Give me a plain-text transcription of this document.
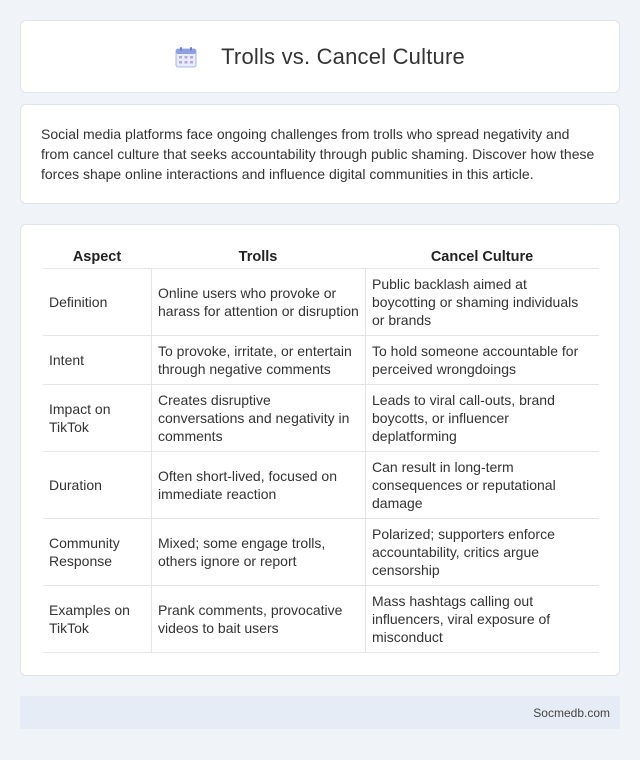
Trolls vs. Cancel Culture

Social media platforms face ongoing challenges from trolls who spread negativity and from cancel culture that seeks accountability through public shaming. Discover how these forces shape online interactions and influence digital communities in this article.

Aspect	Trolls	Cancel Culture
Definition	Online users who provoke or harass for attention or disruption	Public backlash aimed at boycotting or shaming individuals or brands
Intent	To provoke, irritate, or entertain through negative comments	To hold someone accountable for perceived wrongdoings
Impact on TikTok	Creates disruptive conversations and negativity in comments	Leads to viral call-outs, brand boycotts, or influencer deplatforming
Duration	Often short-lived, focused on immediate reaction	Can result in long-term consequences or reputational damage
Community Response	Mixed; some engage trolls, others ignore or report	Polarized; supporters enforce accountability, critics argue censorship
Examples on TikTok	Prank comments, provocative videos to bait users	Mass hashtags calling out influencers, viral exposure of misconduct
Socmedb.com
